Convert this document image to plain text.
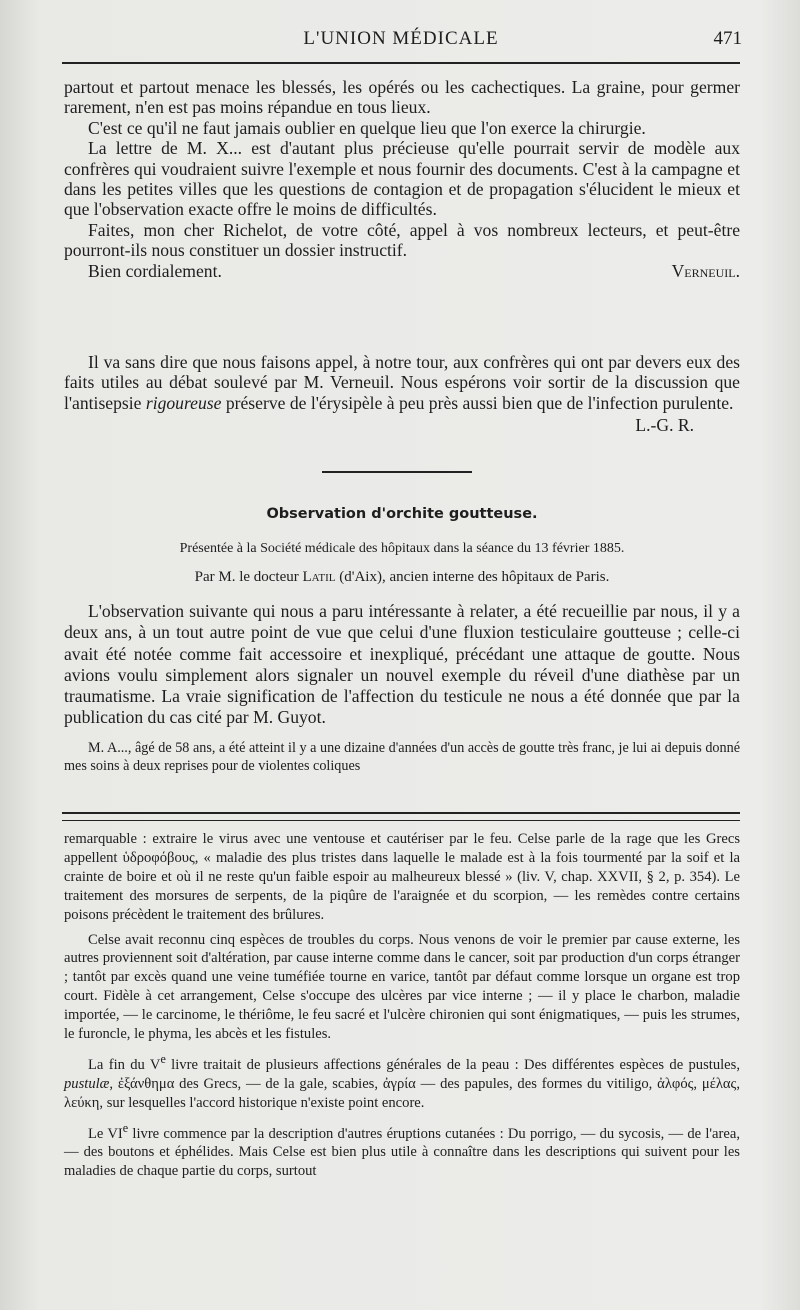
L'UNION MÉDICALE	471

partout et partout menace les blessés, les opérés ou les cachectiques. La graine, pour germer rarement, n'en est pas moins répandue en tous lieux.

C'est ce qu'il ne faut jamais oublier en quelque lieu que l'on exerce la chirurgie.

La lettre de M. X... est d'autant plus précieuse qu'elle pourrait servir de modèle aux confrères qui voudraient suivre l'exemple et nous fournir des documents. C'est à la campagne et dans les petites villes que les questions de contagion et de propagation s'élucident le mieux et que l'observation exacte offre le moins de difficultés.

Faites, mon cher Richelot, de votre côté, appel à vos nombreux lecteurs, et peut-être pourront-ils nous constituer un dossier instructif.

Bien cordialement.	Verneuil.

Il va sans dire que nous faisons appel, à notre tour, aux confrères qui ont par devers eux des faits utiles au débat soulevé par M. Verneuil. Nous espérons voir sortir de la discussion que l'antisepsie rigoureuse préserve de l'érysipèle à peu près aussi bien que de l'infection purulente.

L.-G. R.

Observation d'orchite goutteuse.
Présentée à la Société médicale des hôpitaux dans la séance du 13 février 1885.
Par M. le docteur Latil (d'Aix), ancien interne des hôpitaux de Paris.

L'observation suivante qui nous a paru intéressante à relater, a été recueillie par nous, il y a deux ans, à un tout autre point de vue que celui d'une fluxion testiculaire goutteuse ; celle-ci avait été notée comme fait accessoire et inexpliqué, précédant une attaque de goutte. Nous avions voulu simplement alors signaler un nouvel exemple du réveil d'une diathèse par un traumatisme. La vraie signification de l'affection du testicule ne nous a été donnée que par la publication du cas cité par M. Guyot.

M. A..., âgé de 58 ans, a été atteint il y a une dizaine d'années d'un accès de goutte très franc, je lui ai depuis donné mes soins à deux reprises pour de violentes coliques

remarquable : extraire le virus avec une ventouse et cautériser par le feu. Celse parle de la rage que les Grecs appellent ὑδροφόβους, « maladie des plus tristes dans laquelle le malade est à la fois tourmenté par la soif et la crainte de boire et où il ne reste qu'un faible espoir au malheureux blessé » (liv. V, chap. XXVII, § 2, p. 354). Le traitement des morsures de serpents, de la piqûre de l'araignée et du scorpion, — les remèdes contre certains poisons précèdent le traitement des brûlures.

Celse avait reconnu cinq espèces de troubles du corps. Nous venons de voir le premier par cause externe, les autres proviennent soit d'altération, par cause interne comme dans le cancer, soit par production d'un corps étranger ; tantôt par excès quand une veine tuméfiée tourne en varice, tantôt par défaut comme lorsque un organe est trop court. Fidèle à cet arrangement, Celse s'occupe des ulcères par vice interne ; — il y place le charbon, maladie importée, — le carcinome, le thériôme, le feu sacré et l'ulcère chironien qui sont énigmatiques, — puis les strumes, le furoncle, le phyma, les abcès et les fistules.

La fin du Ve livre traitait de plusieurs affections générales de la peau : Des différentes espèces de pustules, pustulæ, ἐξάνθημα des Grecs, — de la gale, scabies, ἀγρία — des papules, des formes du vitiligo, ἀλφός, μέλας, λεύκη, sur lesquelles l'accord historique n'existe point encore.

Le VIe livre commence par la description d'autres éruptions cutanées : Du porrigo, — du sycosis, — de l'area, — des boutons et éphélides. Mais Celse est bien plus utile à connaître dans les descriptions qui suivent pour les maladies de chaque partie du corps, surtout
